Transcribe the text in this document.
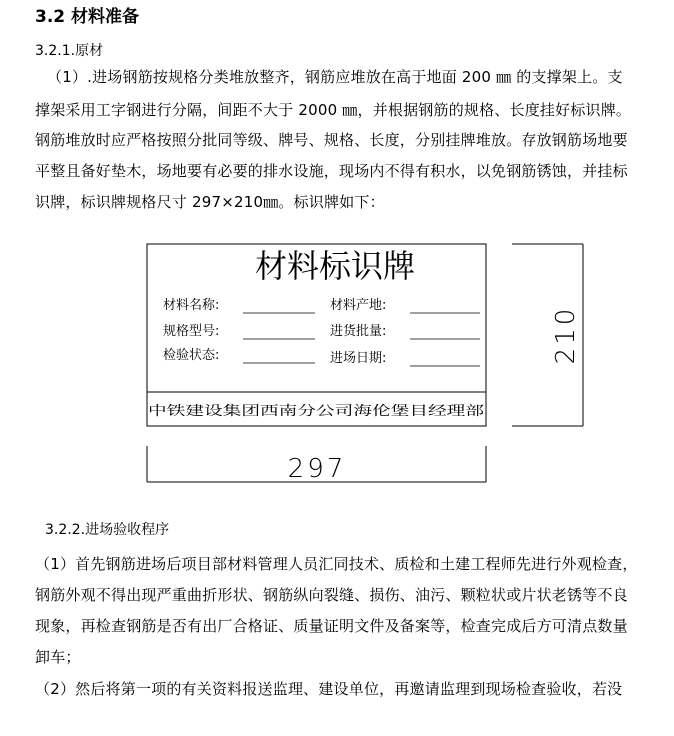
3.2 材料准备
3.2.1.原材
（1）.进场钢筋按规格分类堆放整齐，钢筋应堆放在高于地面 200 ㎜ 的支撑架上。支
撑架采用工字钢进行分隔，间距不大于 2000 ㎜，并根据钢筋的规格、长度挂好标识牌。
钢筋堆放时应严格按照分批同等级、牌号、规格、长度，分别挂牌堆放。存放钢筋场地要
平整且备好垫木，场地要有必要的排水设施，现场内不得有积水，以免钢筋锈蚀，并挂标
识牌，标识牌规格尺寸 297×210㎜。标识牌如下：
材料标识牌
材料名称:	材料产地:
规格型号:	进货批量:
检验状态:	进场日期:
中铁建设集团西南分公司海伦堡目经理部
297
210
3.2.2.进场验收程序
（1）首先钢筋进场后项目部材料管理人员汇同技术、质检和土建工程师先进行外观检查，
钢筋外观不得出现严重曲折形状、钢筋纵向裂缝、损伤、油污、颗粒状或片状老锈等不良
现象，再检查钢筋是否有出厂合格证、质量证明文件及备案等，检查完成后方可清点数量
卸车；
（2）然后将第一项的有关资料报送监理、建设单位，再邀请监理到现场检查验收，若没
